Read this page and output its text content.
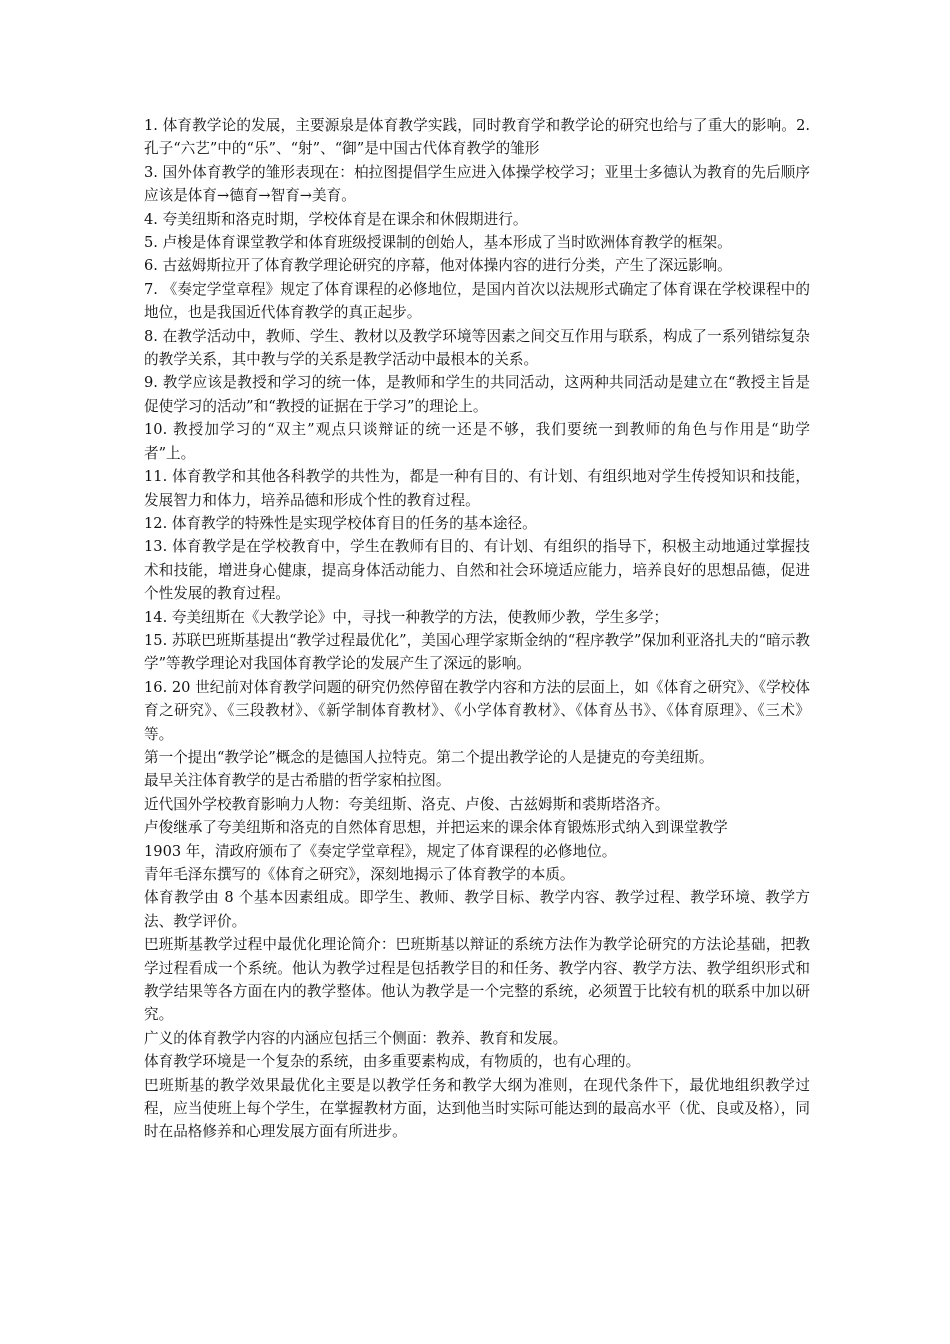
1. 体育教学论的发展，主要源泉是体育教学实践，同时教育学和教学论的研究也给与了重大的影响。2. 孔子“六艺”中的“乐”、“射”、“御”是中国古代体育教学的雏形

3. 国外体育教学的雏形表现在：柏拉图提倡学生应进入体操学校学习；亚里士多德认为教育的先后顺序应该是体育→德育→智育→美育。

4. 夸美纽斯和洛克时期，学校体育是在课余和休假期进行。

5. 卢梭是体育课堂教学和体育班级授课制的创始人，基本形成了当时欧洲体育教学的框架。

6. 古兹姆斯拉开了体育教学理论研究的序幕，他对体操内容的进行分类，产生了深远影响。

7. 《奏定学堂章程》规定了体育课程的必修地位，是国内首次以法规形式确定了体育课在学校课程中的地位，也是我国近代体育教学的真正起步。

8. 在教学活动中，教师、学生、教材以及教学环境等因素之间交互作用与联系，构成了一系列错综复杂的教学关系，其中教与学的关系是教学活动中最根本的关系。

9. 教学应该是教授和学习的统一体，是教师和学生的共同活动，这两种共同活动是建立在“教授主旨是促使学习的活动”和“教授的证据在于学习”的理论上。

10. 教授加学习的“双主”观点只谈辩证的统一还是不够，我们要统一到教师的角色与作用是“助学者”上。

11. 体育教学和其他各科教学的共性为，都是一种有目的、有计划、有组织地对学生传授知识和技能，发展智力和体力，培养品德和形成个性的教育过程。

12. 体育教学的特殊性是实现学校体育目的任务的基本途径。

13. 体育教学是在学校教育中，学生在教师有目的、有计划、有组织的指导下，积极主动地通过掌握技术和技能，增进身心健康，提高身体活动能力、自然和社会环境适应能力，培养良好的思想品德，促进个性发展的教育过程。

14. 夸美纽斯在《大教学论》中，寻找一种教学的方法，使教师少教，学生多学；

15. 苏联巴班斯基提出“教学过程最优化”，美国心理学家斯金纳的“程序教学”保加利亚洛扎夫的“暗示教学”等教学理论对我国体育教学论的发展产生了深远的影响。

16. 20 世纪前对体育教学问题的研究仍然停留在教学内容和方法的层面上，如《体育之研究》、《学校体育之研究》、《三段教材》、《新学制体育教材》、《小学体育教材》、《体育丛书》、《体育原理》、《三术》等。

第一个提出“教学论”概念的是德国人拉特克。第二个提出教学论的人是捷克的夸美纽斯。

最早关注体育教学的是古希腊的哲学家柏拉图。

近代国外学校教育影响力人物：夸美纽斯、洛克、卢俊、古兹姆斯和裘斯塔洛齐。

卢俊继承了夸美纽斯和洛克的自然体育思想，并把运来的课余体育锻炼形式纳入到课堂教学

1903 年，清政府颁布了《奏定学堂章程》，规定了体育课程的必修地位。

青年毛泽东撰写的《体育之研究》，深刻地揭示了体育教学的本质。

体育教学由 8 个基本因素组成。即学生、教师、教学目标、教学内容、教学过程、教学环境、教学方法、教学评价。

巴班斯基教学过程中最优化理论简介：巴班斯基以辩证的系统方法作为教学论研究的方法论基础，把教学过程看成一个系统。他认为教学过程是包括教学目的和任务、教学内容、教学方法、教学组织形式和教学结果等各方面在内的教学整体。他认为教学是一个完整的系统，必须置于比较有机的联系中加以研究。

广义的体育教学内容的内涵应包括三个侧面：教养、教育和发展。

体育教学环境是一个复杂的系统，由多重要素构成，有物质的，也有心理的。

巴班斯基的教学效果最优化主要是以教学任务和教学大纲为准则，在现代条件下，最优地组织教学过程，应当使班上每个学生，在掌握教材方面，达到他当时实际可能达到的最高水平（优、良或及格），同时在品格修养和心理发展方面有所进步。
